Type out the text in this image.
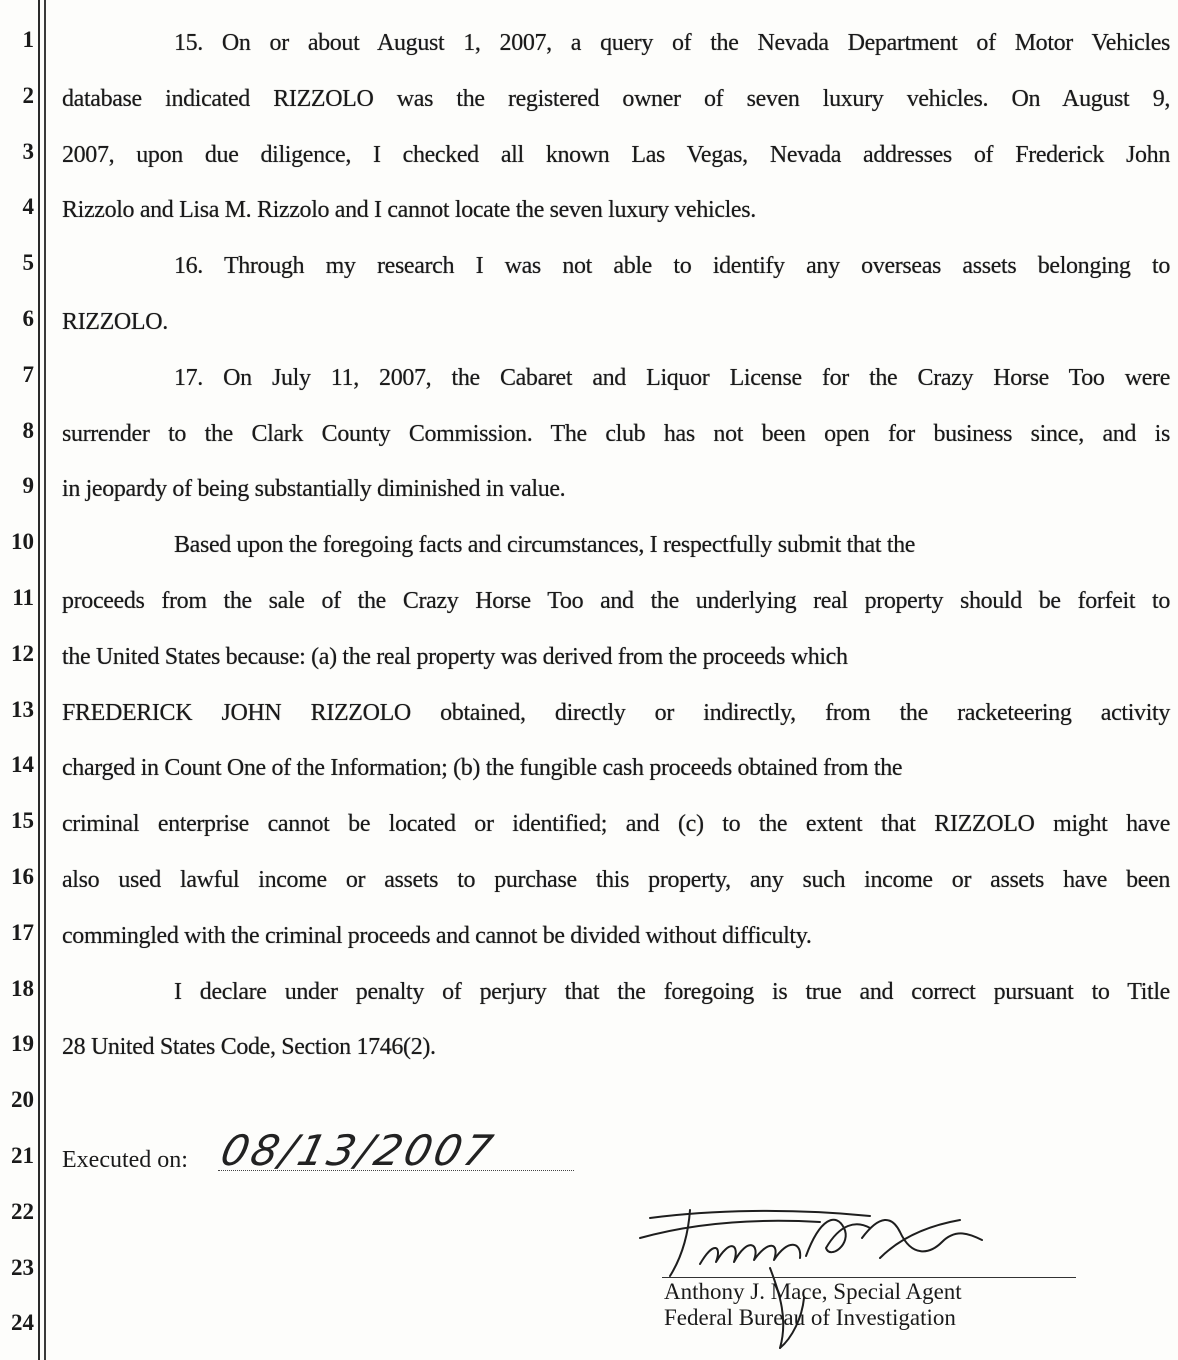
1
2
3
4
5
6
7
8
9
10
11
12
13
14
15
16
17
18
19
20
21
22
23
24
15. On or about August 1, 2007, a query of the Nevada Department of Motor Vehicles
database indicated RIZZOLO was the registered owner of seven luxury vehicles. On August 9,
2007, upon due diligence, I checked all known Las Vegas, Nevada addresses of Frederick John
Rizzolo and Lisa M. Rizzolo and I cannot locate the seven luxury vehicles.
16. Through my research I was not able to identify any overseas assets belonging to
RIZZOLO.
17. On July 11, 2007, the Cabaret and Liquor License for the Crazy Horse Too were
surrender to the Clark County Commission. The club has not been open for business since, and is
in jeopardy of being substantially diminished in value.
Based upon the foregoing facts and circumstances, I respectfully submit that the
proceeds from the sale of the Crazy Horse Too and the underlying real property should be forfeit to
the United States because: (a) the real property was derived from the proceeds which
FREDERICK JOHN RIZZOLO obtained, directly or indirectly, from the racketeering activity
charged in Count One of the Information; (b) the fungible cash proceeds obtained from the
criminal enterprise cannot be located or identified; and (c) to the extent that RIZZOLO might have
also used lawful income or assets to purchase this property, any such income or assets have been
commingled with the criminal proceeds and cannot be divided without difficulty.
I declare under penalty of perjury that the foregoing is true and correct pursuant to Title
28 United States Code, Section 1746(2).
Executed on: 08/13/2007
Anthony J. Mace, Special Agent
Federal Bureau of Investigation
